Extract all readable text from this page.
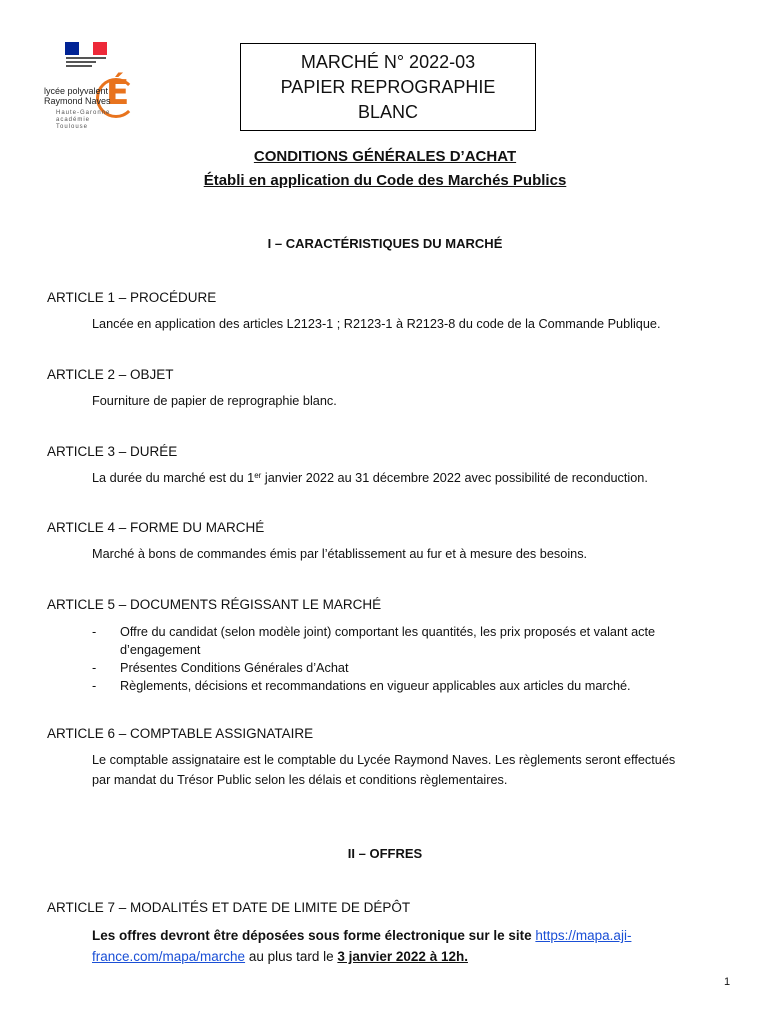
É
lycée polyvalent
Raymond Naves
Haute-Garonne
académie
Toulouse
MARCHÉ N° 2022-03
PAPIER REPROGRAPHIE
BLANC
CONDITIONS GÉNÉRALES D’ACHAT
Établi en application du Code des Marchés Publics
I – CARACTÉRISTIQUES DU MARCHÉ
ARTICLE 1 – PROCÉDURE
Lancée en application des articles L2123-1 ; R2123-1 à R2123-8 du code de la Commande Publique.
ARTICLE 2 – OBJET
Fourniture de papier de reprographie blanc.
ARTICLE 3 – DURÉE
La durée du marché est du 1er janvier 2022 au 31 décembre 2022 avec possibilité de reconduction.
ARTICLE 4 – FORME DU MARCHÉ
Marché à bons de commandes émis par l’établissement au fur et à mesure des besoins.
ARTICLE 5 – DOCUMENTS RÉGISSANT LE MARCHÉ
- Offre du candidat (selon modèle joint) comportant les quantités, les prix proposés et valant acte d’engagement
- Présentes Conditions Générales d’Achat
- Règlements, décisions et recommandations en vigueur applicables aux articles du marché.
ARTICLE 6 – COMPTABLE ASSIGNATAIRE
Le comptable assignataire est le comptable du Lycée Raymond Naves. Les règlements seront effectués par mandat du Trésor Public selon les délais et conditions règlementaires.
II – OFFRES
ARTICLE 7 – MODALITÉS ET DATE DE LIMITE DE DÉPÔT
Les offres devront être déposées sous forme électronique sur le site https://mapa.aji-france.com/mapa/marche au plus tard le 3 janvier 2022 à 12h.
1
